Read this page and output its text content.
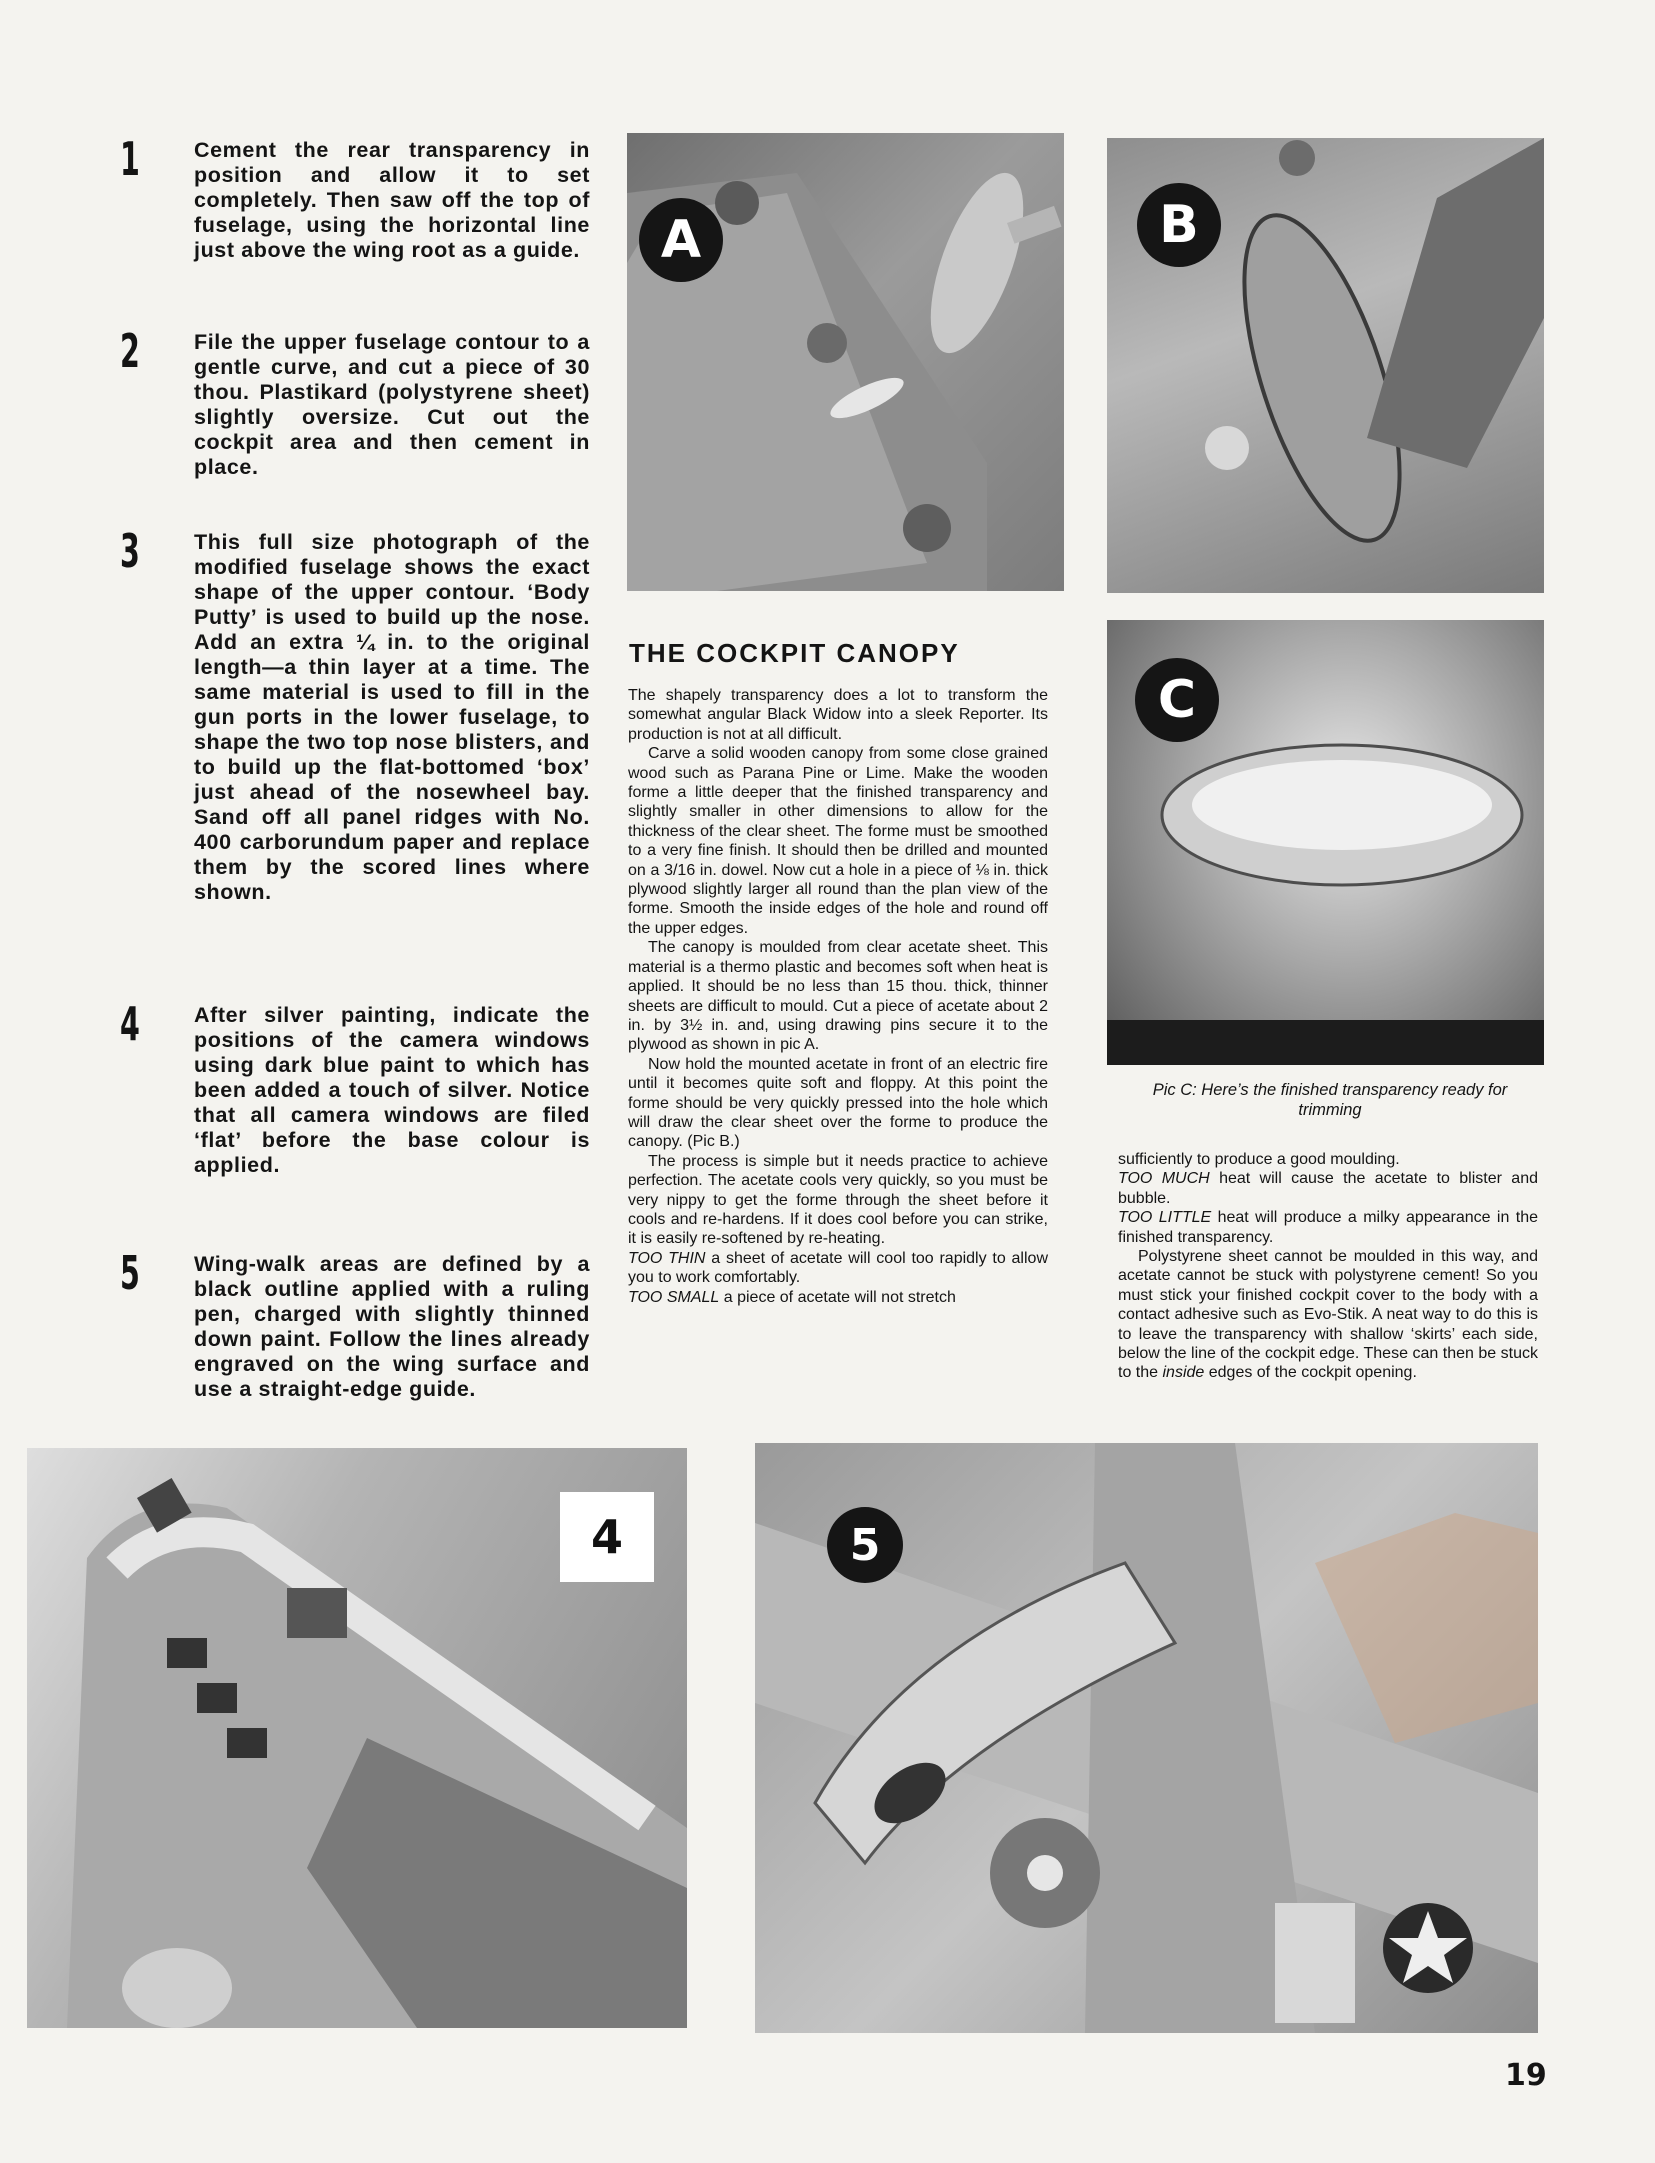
1	Cement the rear transparency in position and allow it to set completely. Then saw off the top of fuselage, using the horizontal line just above the wing root as a guide.
2	File the upper fuselage contour to a gentle curve, and cut a piece of 30 thou. Plastikard (polystyrene sheet) slightly oversize. Cut out the cockpit area and then cement in place.
3	This full size photograph of the modified fuselage shows the exact shape of the upper contour. ‘Body Putty’ is used to build up the nose. Add an extra ¼ in. to the original length—a thin layer at a time. The same material is used to fill in the gun ports in the lower fuselage, to shape the two top nose blisters, and to build up the flat-bottomed ‘box’ just ahead of the nosewheel bay. Sand off all panel ridges with No. 400 carborundum paper and replace them by the scored lines where shown.
4	After silver painting, indicate the positions of the camera windows using dark blue paint to which has been added a touch of silver. Notice that all camera windows are filed ‘flat’ before the base colour is applied.
5	Wing-walk areas are defined by a black outline applied with a ruling pen, charged with slightly thinned down paint. Follow the lines already engraved on the wing surface and use a straight-edge guide.
A	B
C
Pic C: Here’s the finished transparency ready for trimming
THE COCKPIT CANOPY

The shapely transparency does a lot to transform the somewhat angular Black Widow into a sleek Reporter. Its production is not at all difficult.

Carve a solid wooden canopy from some close grained wood such as Parana Pine or Lime. Make the wooden forme a little deeper that the finished transparency and slightly smaller in other dimensions to allow for the thickness of the clear sheet. The forme must be smoothed to a very fine finish. It should then be drilled and mounted on a 3/16 in. dowel. Now cut a hole in a piece of ⅛ in. thick plywood slightly larger all round than the plan view of the forme. Smooth the inside edges of the hole and round off the upper edges.

The canopy is moulded from clear acetate sheet. This material is a thermo plastic and becomes soft when heat is applied. It should be no less than 15 thou. thick, thinner sheets are difficult to mould. Cut a piece of acetate about 2 in. by 3½ in. and, using drawing pins secure it to the plywood as shown in pic A.

Now hold the mounted acetate in front of an electric fire until it becomes quite soft and floppy. At this point the forme should be very quickly pressed into the hole which will draw the clear sheet over the forme to produce the canopy. (Pic B.)

The process is simple but it needs practice to achieve perfection. The acetate cools very quickly, so you must be very nippy to get the forme through the sheet before it cools and re-hardens. If it does cool before you can strike, it is easily re-softened by re-heating.

TOO THIN a sheet of acetate will cool too rapidly to allow you to work comfortably.

TOO SMALL a piece of acetate will not stretch

sufficiently to produce a good moulding.

TOO MUCH heat will cause the acetate to blister and bubble.

TOO LITTLE heat will produce a milky appearance in the finished transparency.

Polystyrene sheet cannot be moulded in this way, and acetate cannot be stuck with polystyrene cement! So you must stick your finished cockpit cover to the body with a contact adhesive such as Evo-Stik. A neat way to do this is to leave the transparency with shallow ‘skirts’ each side, below the line of the cockpit edge. These can then be stuck to the inside edges of the cockpit opening.

4	5
19
